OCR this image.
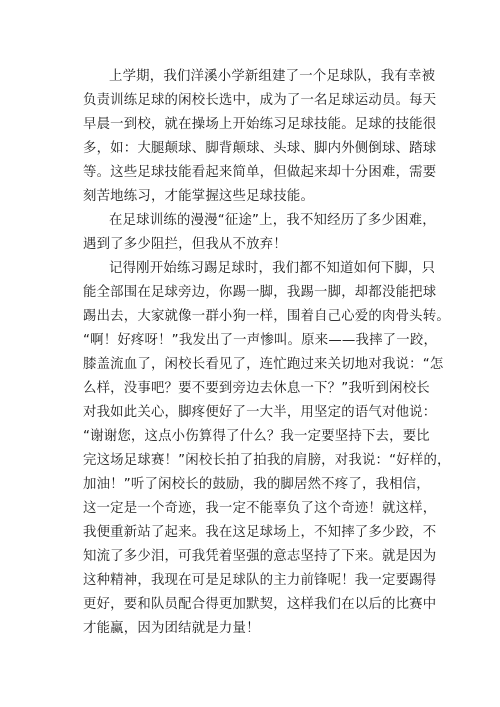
上学期，我们洋溪小学新组建了一个足球队，我有幸被
负责训练足球的闲校长选中，成为了一名足球运动员。每天
早晨一到校，就在操场上开始练习足球技能。足球的技能很
多，如：大腿颠球、脚背颠球、头球、脚内外侧倒球、踏球
等。这些足球技能看起来简单，但做起来却十分困难，需要
刻苦地练习，才能掌握这些足球技能。
在足球训练的漫漫“征途”上，我不知经历了多少困难，
遇到了多少阻拦，但我从不放弃！
记得刚开始练习踢足球时，我们都不知道如何下脚，只
能全部围在足球旁边，你踢一脚，我踢一脚，却都没能把球
踢出去，大家就像一群小狗一样，围着自己心爱的肉骨头转。
“啊！好疼呀！”我发出了一声惨叫。原来——我摔了一跤，
膝盖流血了，闲校长看见了，连忙跑过来关切地对我说：“怎
么样，没事吧？要不要到旁边去休息一下？”我听到闲校长
对我如此关心，脚疼便好了一大半，用坚定的语气对他说：
“谢谢您，这点小伤算得了什么？我一定要坚持下去，要比
完这场足球赛！”闲校长拍了拍我的肩膀，对我说：“好样的，
加油！”听了闲校长的鼓励，我的脚居然不疼了，我相信，
这一定是一个奇迹，我一定不能辜负了这个奇迹！就这样，
我便重新站了起来。我在这足球场上，不知摔了多少跤，不
知流了多少泪，可我凭着坚强的意志坚持了下来。就是因为
这种精神，我现在可是足球队的主力前锋呢！我一定要踢得
更好，要和队员配合得更加默契，这样我们在以后的比赛中
才能赢，因为团结就是力量！
